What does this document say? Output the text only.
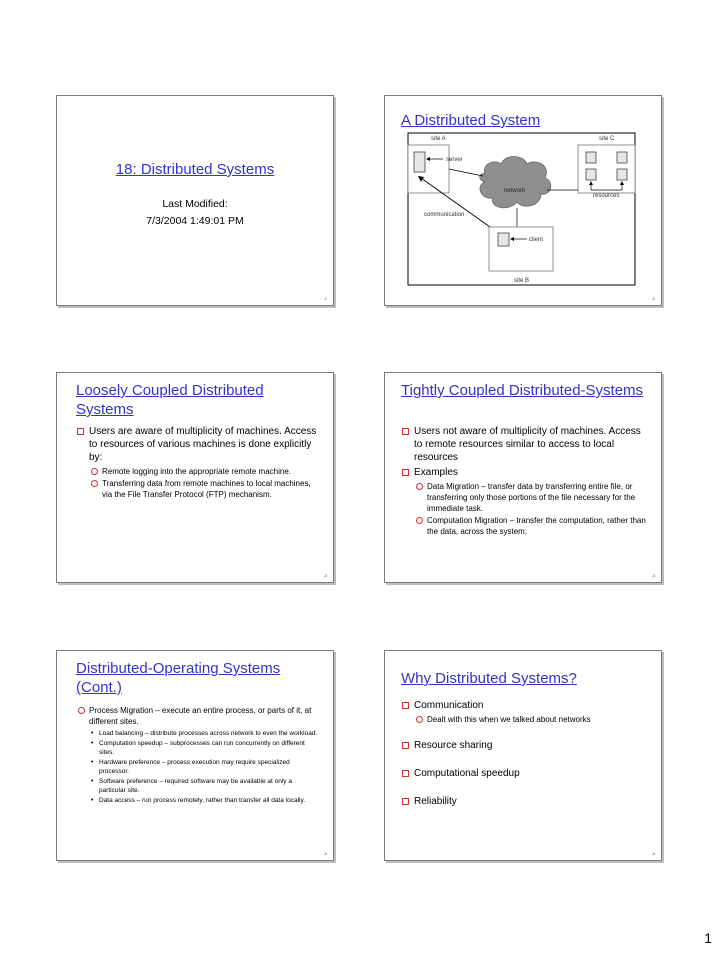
18: Distributed Systems
Last Modified:
7/3/2004 1:49:01 PM
-1
A Distributed System
site A	site C
server
resources
network
communication
client
site B
-2
Loosely Coupled Distributed Systems
Users are aware of multiplicity of machines. Access to resources of various machines is done explicitly by:
Remote logging into the appropriate remote machine.
Transferring data from remote machines to local machines, via the File Transfer Protocol (FTP) mechanism.
-3
Tightly Coupled Distributed-Systems
Users not aware of multiplicity of machines. Access to remote resources similar to access to local resources
Examples
Data Migration – transfer data by transferring entire file, or transferring only those portions of the file necessary for the immediate task.
Computation Migration – transfer the computation, rather than the data, across the system.
-4
Distributed-Operating Systems (Cont.)
Process Migration – execute an entire process, or parts of it, at different sites.
• Load balancing – distribute processes across network to even the workload.
• Computation speedup – subprocesses can run concurrently on different sites.
• Hardware preference – process execution may require specialized processor.
• Software preference – required software may be available at only a particular site.
• Data access – run process remotely, rather than transfer all data locally.
-5
Why Distributed Systems?
Communication
Dealt with this when we talked about networks
Resource sharing
Computational speedup
Reliability
-6
1
